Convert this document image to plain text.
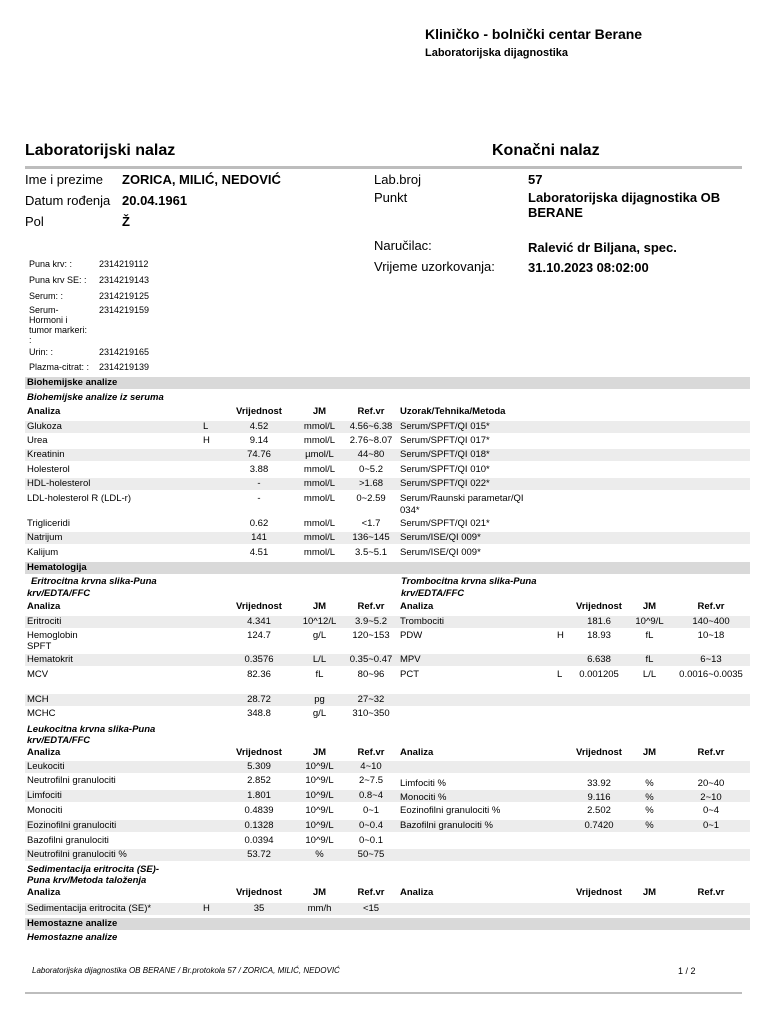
Kliničko - bolnički centar Berane
Laboratorijska dijagnostika
Laboratorijski nalaz	Konačni nalaz
Ime i prezime ZORICA, MILIĆ, NEDOVIĆ
Datum rođenja 20.04.1961
Pol	Ž
Lab.broj	57
Punkt	Laboratorijska dijagnostika OB
BERANE
Naručilac:	Ralević dr Biljana, spec.
Vrijeme uzorkovanja:	31.10.2023 08:02:00
Puna krv: :	2314219112
Puna krv SE: : 2314219143
Serum: :	2314219125
Serum-	2314219159
Hormoni i
tumor markeri:
:
Urin: :	2314219165
Plazma-citrat: : 2314219139
Biohemijske analize
Biohemijske analize iz seruma
Analiza	Vrijednost	JM	Ref.vr	Uzorak/Tehnika/Metoda
Glukoza	L	4.52	mmol/L	4.56~6.38 Serum/SPFT/QI 015*
Urea	H	9.14	mmol/L	2.76~8.07 Serum/SPFT/QI 017*
Kreatinin	74.76	µmol/L	44~80	Serum/SPFT/QI 018*
Holesterol	3.88	mmol/L	0~5.2	Serum/SPFT/QI 010*
HDL-holesterol	-	mmol/L	>1.68	Serum/SPFT/QI 022*
LDL-holesterol R (LDL-r)	-	mmol/L	0~2.59	Serum/Raunski parametar/QI
034*
Trigliceridi	0.62	mmol/L	<1.7	Serum/SPFT/QI 021*
Natrijum	141	mmol/L	136~145	Serum/ISE/QI 009*
Kalijum	4.51	mmol/L	3.5~5.1	Serum/ISE/QI 009*
Hematologija
Eritrocitna krvna slika-Puna
krv/EDTA/FFC
Trombocitna krvna slika-Puna
krv/EDTA/FFC
Analiza	Vrijednost	JM	Ref.vr	Analiza	Vrijednost	JM	Ref.vr
Eritrociti	4.341	10^12/L	3.9~5.2	Trombociti	181.6	10^9/L	140~400
Hemoglobin
SPFT
124.7	g/L	120~153	PDW	H	18.93	fL	10~18
Hematokrit	0.3576	L/L	0.35~0.47 MPV	6.638	fL	6~13
MCV	82.36	fL	80~96	PCT	L	0.001205	L/L	0.0016~0.0035
MCH	28.72	pg	27~32
MCHC	348.8	g/L	310~350
Leukocitna krvna slika-Puna
krv/EDTA/FFC
Analiza	Vrijednost	JM	Ref.vr	Analiza	Vrijednost	JM	Ref.vr
Leukociti	5.309	10^9/L	4~10
Neutrofilni granulociti	2.852	10^9/L	2~7.5	Limfociti %	33.92	%	20~40
Limfociti	1.801	10^9/L	0.8~4	Monociti %	9.116	%	2~10
Monociti	0.4839	10^9/L	0~1	Eozinofilni granulociti %	2.502	%	0~4
Eozinofilni granulociti	0.1328	10^9/L	0~0.4	Bazofilni granulociti %	0.7420	%	0~1
Bazofilni granulociti	0.0394	10^9/L	0~0.1
Neutrofilni granulociti %	53.72	%	50~75
Sedimentacija eritrocita (SE)-
Puna krv/Metoda taloženja
Analiza	Vrijednost	JM	Ref.vr	Analiza	Vrijednost	JM	Ref.vr
Sedimentacija eritrocita (SE)*	H	35	mm/h	<15
Hemostazne analize
Hemostazne analize
Laboratorijska dijagnostika OB BERANE / Br.protokola 57 / ZORICA, MILIĆ, NEDOVIĆ	1 / 2
